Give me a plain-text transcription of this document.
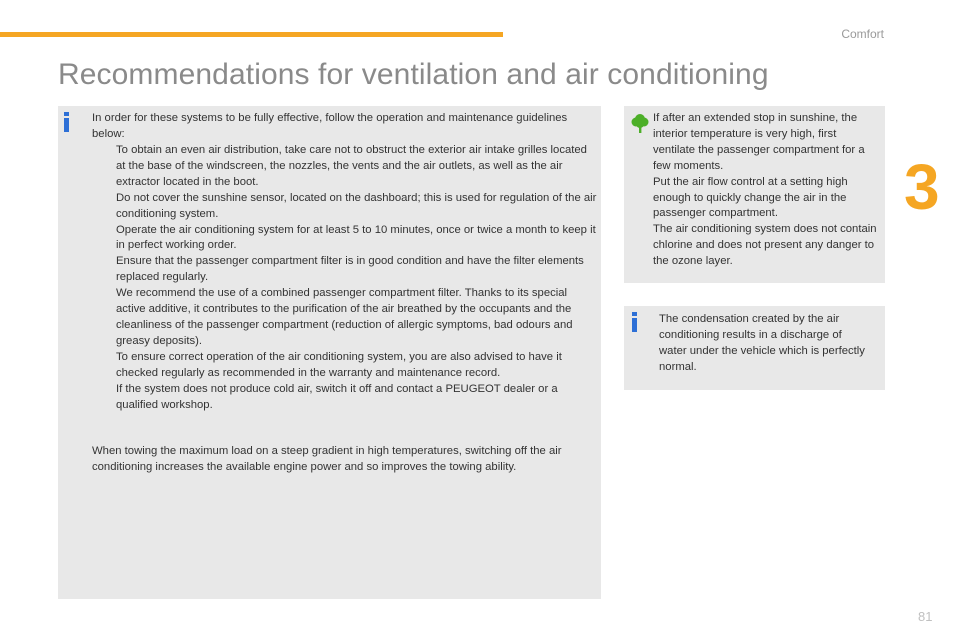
Comfort
Recommendations for ventilation and air conditioning
3

In order for these systems to be fully effective, follow the operation and maintenance guidelines below:

To obtain an even air distribution, take care not to obstruct the exterior air intake grilles located at the base of the windscreen, the nozzles, the vents and the air outlets, as well as the air extractor located in the boot.
Do not cover the sunshine sensor, located on the dashboard; this is used for regulation of the air conditioning system.
Operate the air conditioning system for at least 5 to 10 minutes, once or twice a month to keep it in perfect working order.
Ensure that the passenger compartment filter is in good condition and have the filter elements replaced regularly.
We recommend the use of a combined passenger compartment filter. Thanks to its special active additive, it contributes to the purification of the air breathed by the occupants and the cleanliness of the passenger compartment (reduction of allergic symptoms, bad odours and greasy deposits).
To ensure correct operation of the air conditioning system, you are also advised to have it checked regularly as recommended in the warranty and maintenance record.
If the system does not produce cold air, switch it off and contact a PEUGEOT dealer or a qualified workshop.

When towing the maximum load on a steep gradient in high temperatures, switching off the air conditioning increases the available engine power and so improves the towing ability.

If after an extended stop in sunshine, the interior temperature is very high, first ventilate the passenger compartment for a few moments.

Put the air flow control at a setting high enough to quickly change the air in the passenger compartment.

The air conditioning system does not contain chlorine and does not present any danger to the ozone layer.

The condensation created by the air conditioning results in a discharge of water under the vehicle which is perfectly normal.

81
